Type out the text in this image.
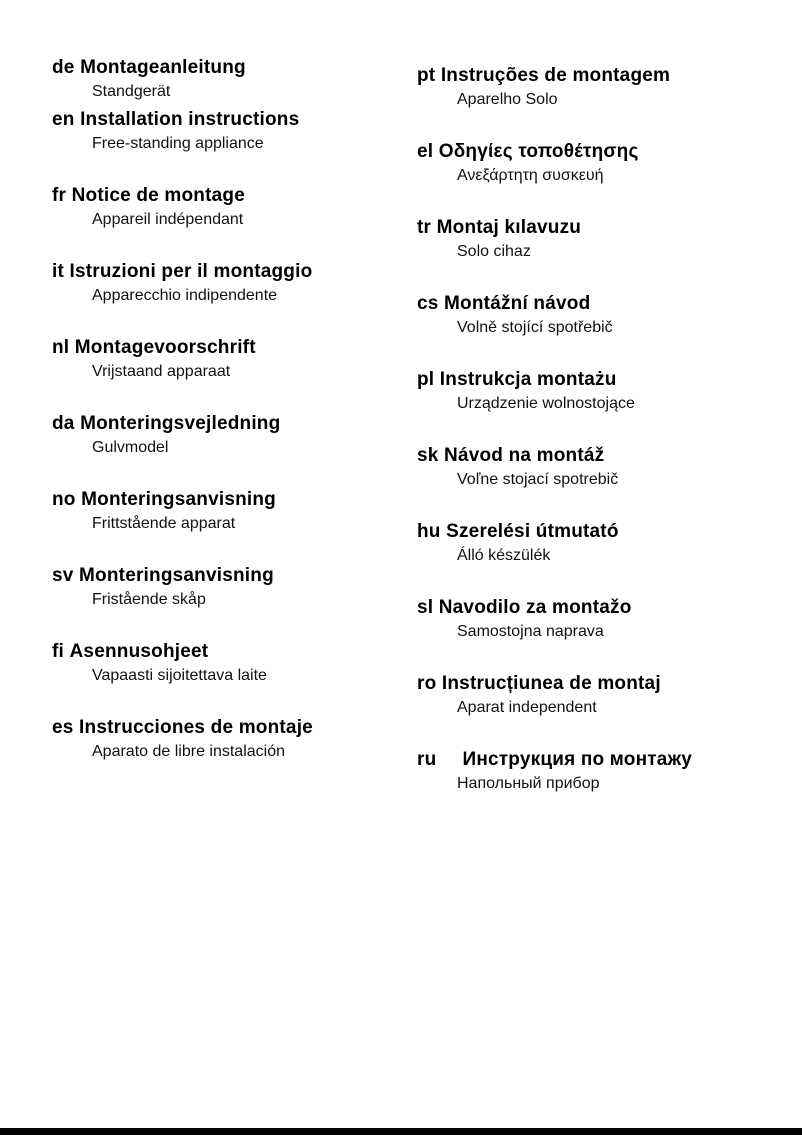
de Montageanleitung
Standgerät
en Installation instructions
Free-standing appliance
fr Notice de montage
Appareil indépendant
it Istruzioni per il montaggio
Apparecchio indipendente
nl Montagevoorschrift
Vrijstaand apparaat
da Monteringsvejledning
Gulvmodel
no Monteringsanvisning
Frittstående apparat
sv Monteringsanvisning
Fristående skåp
fi Asennusohjeet
Vapaasti sijoitettava laite
es Instrucciones de montaje
Aparato de libre instalación
pt Instruções de montagem
Aparelho Solo
el Οδηγίες τοποθέτησης
Ανεξάρτητη συσκευή
tr Montaj kılavuzu
Solo cihaz
cs Montážní návod
Volně stojící spotřebič
pl Instrukcja montażu
Urządzenie wolnostojące
sk Návod na montáž
Voľne stojací spotrebič
hu Szerelési útmutató
Álló készülék
sl Navodilo za montažo
Samostojna naprava
ro Instrucțiunea de montaj
Aparat independent
ru Инструкция по монтажу
Напольный прибор
